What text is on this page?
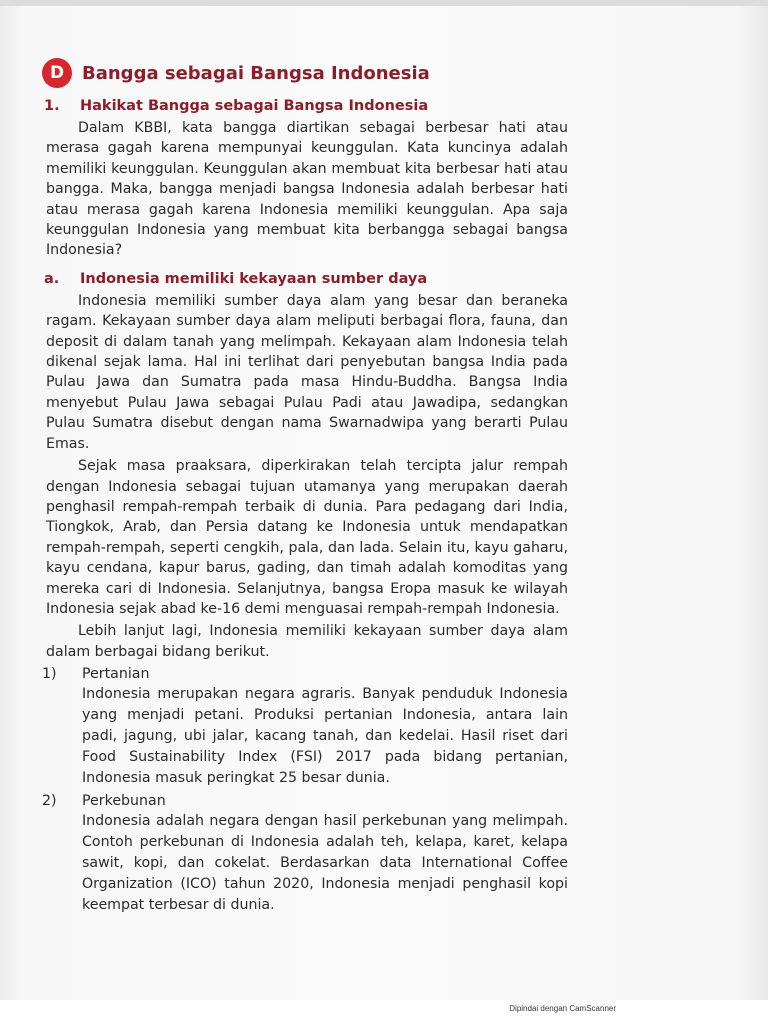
D Bangga sebagai Bangsa Indonesia
1.	Hakikat Bangga sebagai Bangsa Indonesia

Dalam KBBI, kata bangga diartikan sebagai berbesar hati atau merasa gagah karena mempunyai keunggulan. Kata kuncinya adalah memiliki keunggulan. Keunggulan akan membuat kita berbesar hati atau bangga. Maka, bangga menjadi bangsa Indonesia adalah berbesar hati atau merasa gagah karena Indonesia memiliki keunggulan. Apa saja keunggulan Indonesia yang membuat kita berbangga sebagai bangsa Indonesia?

a.	Indonesia memiliki kekayaan sumber daya

Indonesia memiliki sumber daya alam yang besar dan beraneka ragam. Kekayaan sumber daya alam meliputi berbagai flora, fauna, dan deposit di dalam tanah yang melimpah. Kekayaan alam Indonesia telah dikenal sejak lama. Hal ini terlihat dari penyebutan bangsa India pada Pulau Jawa dan Sumatra pada masa Hindu-Buddha. Bangsa India menyebut Pulau Jawa sebagai Pulau Padi atau Jawadipa, sedangkan Pulau Sumatra disebut dengan nama Swarnadwipa yang berarti Pulau Emas.

Sejak masa praaksara, diperkirakan telah tercipta jalur rempah dengan Indonesia sebagai tujuan utamanya yang merupakan daerah penghasil rempah-rempah terbaik di dunia. Para pedagang dari India, Tiongkok, Arab, dan Persia datang ke Indonesia untuk mendapatkan rempah-rempah, seperti cengkih, pala, dan lada. Selain itu, kayu gaharu, kayu cendana, kapur barus, gading, dan timah adalah komoditas yang mereka cari di Indonesia. Selanjutnya, bangsa Eropa masuk ke wilayah Indonesia sejak abad ke-16 demi menguasai rempah-rempah Indonesia.

Lebih lanjut lagi, Indonesia memiliki kekayaan sumber daya alam dalam berbagai bidang berikut.

1)	Pertanian
Indonesia merupakan negara agraris. Banyak penduduk Indonesia yang menjadi petani. Produksi pertanian Indonesia, antara lain padi, jagung, ubi jalar, kacang tanah, dan kedelai. Hasil riset dari Food Sustainability Index (FSI) 2017 pada bidang pertanian, Indonesia masuk peringkat 25 besar dunia.
2)	Perkebunan
Indonesia adalah negara dengan hasil perkebunan yang melimpah. Contoh perkebunan di Indonesia adalah teh, kelapa, karet, kelapa sawit, kopi, dan cokelat. Berdasarkan data International Coffee Organization (ICO) tahun 2020, Indonesia menjadi penghasil kopi keempat terbesar di dunia.
Dipindai dengan CamScanner
